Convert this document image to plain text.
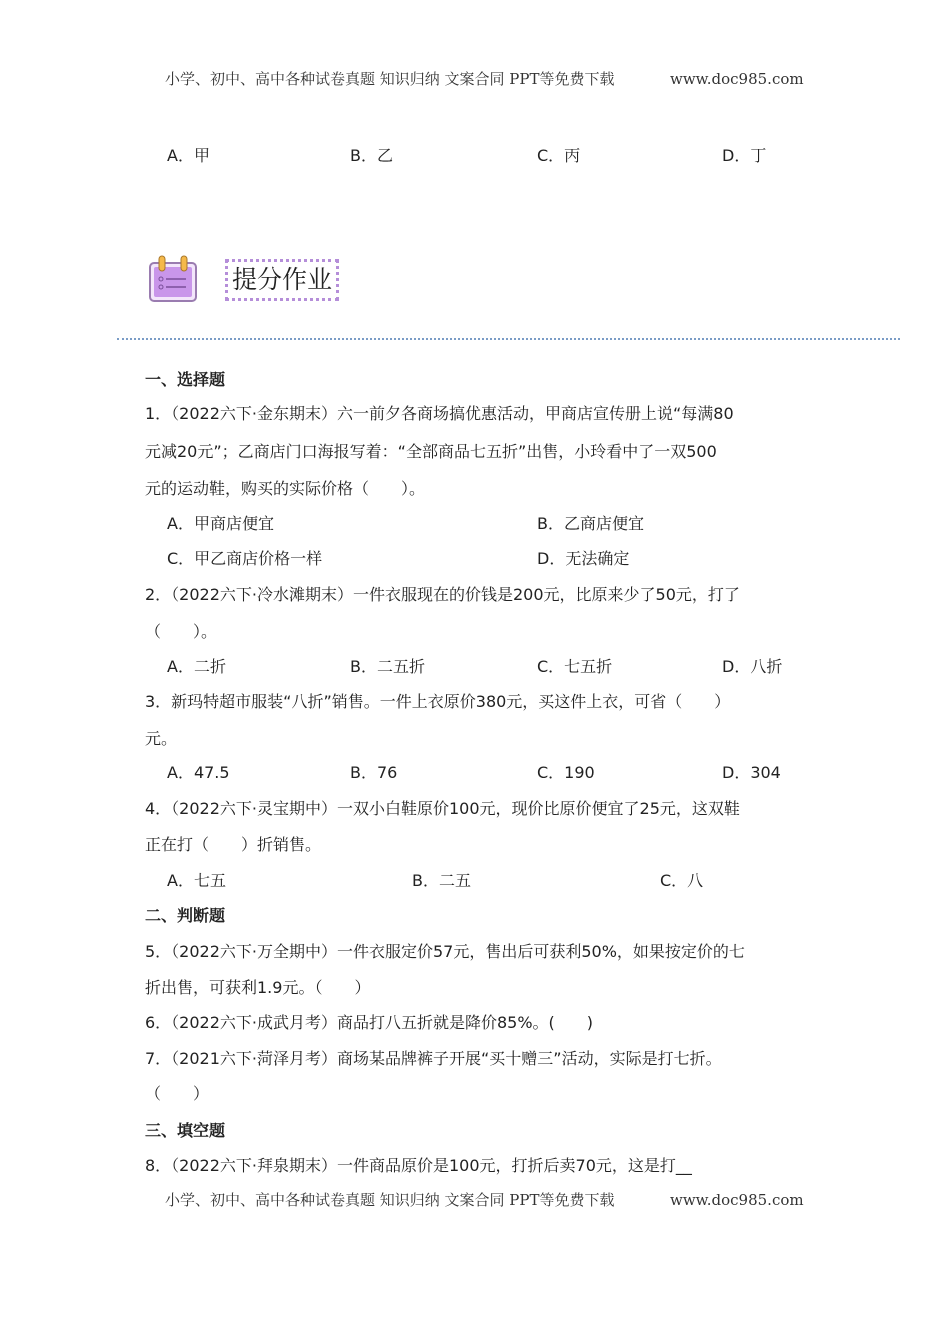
小学、初中、高中各种试卷真题 知识归纳 文案合同 PPT等免费下载	www.doc985.com
A．甲	B．乙	C．丙	D．丁
提分作业
一、选择题
1．（2022六下·金东期末）六一前夕各商场搞优惠活动，甲商店宣传册上说“每满80
元减20元”；乙商店门口海报写着：“全部商品七五折”出售，小玲看中了一双500
元的运动鞋，购买的实际价格（　　）。
A．甲商店便宜	B．乙商店便宜
C．甲乙商店价格一样	D．无法确定
2．（2022六下·冷水滩期末）一件衣服现在的价钱是200元，比原来少了50元，打了
（　　）。
A．二折	B．二五折	C．七五折	D．八折
3．新玛特超市服装“八折”销售。一件上衣原价380元，买这件上衣，可省（　　）
元。
A．47.5	B．76	C．190	D．304
4．（2022六下·灵宝期中）一双小白鞋原价100元，现价比原价便宜了25元，这双鞋
正在打（　　）折销售。
A．七五	B．二五	C．八
二、判断题
5．（2022六下·万全期中）一件衣服定价57元，售出后可获利50%，如果按定价的七
折出售，可获利1.9元。（　　）
6．（2022六下·成武月考）商品打八五折就是降价85%。(　　)
7．（2021六下·菏泽月考）商场某品牌裤子开展“买十赠三”活动，实际是打七折。
（　　）
三、填空题
8．（2022六下·拜泉期末）一件商品原价是100元，打折后卖70元，这是打__
小学、初中、高中各种试卷真题 知识归纳 文案合同 PPT等免费下载	www.doc985.com
